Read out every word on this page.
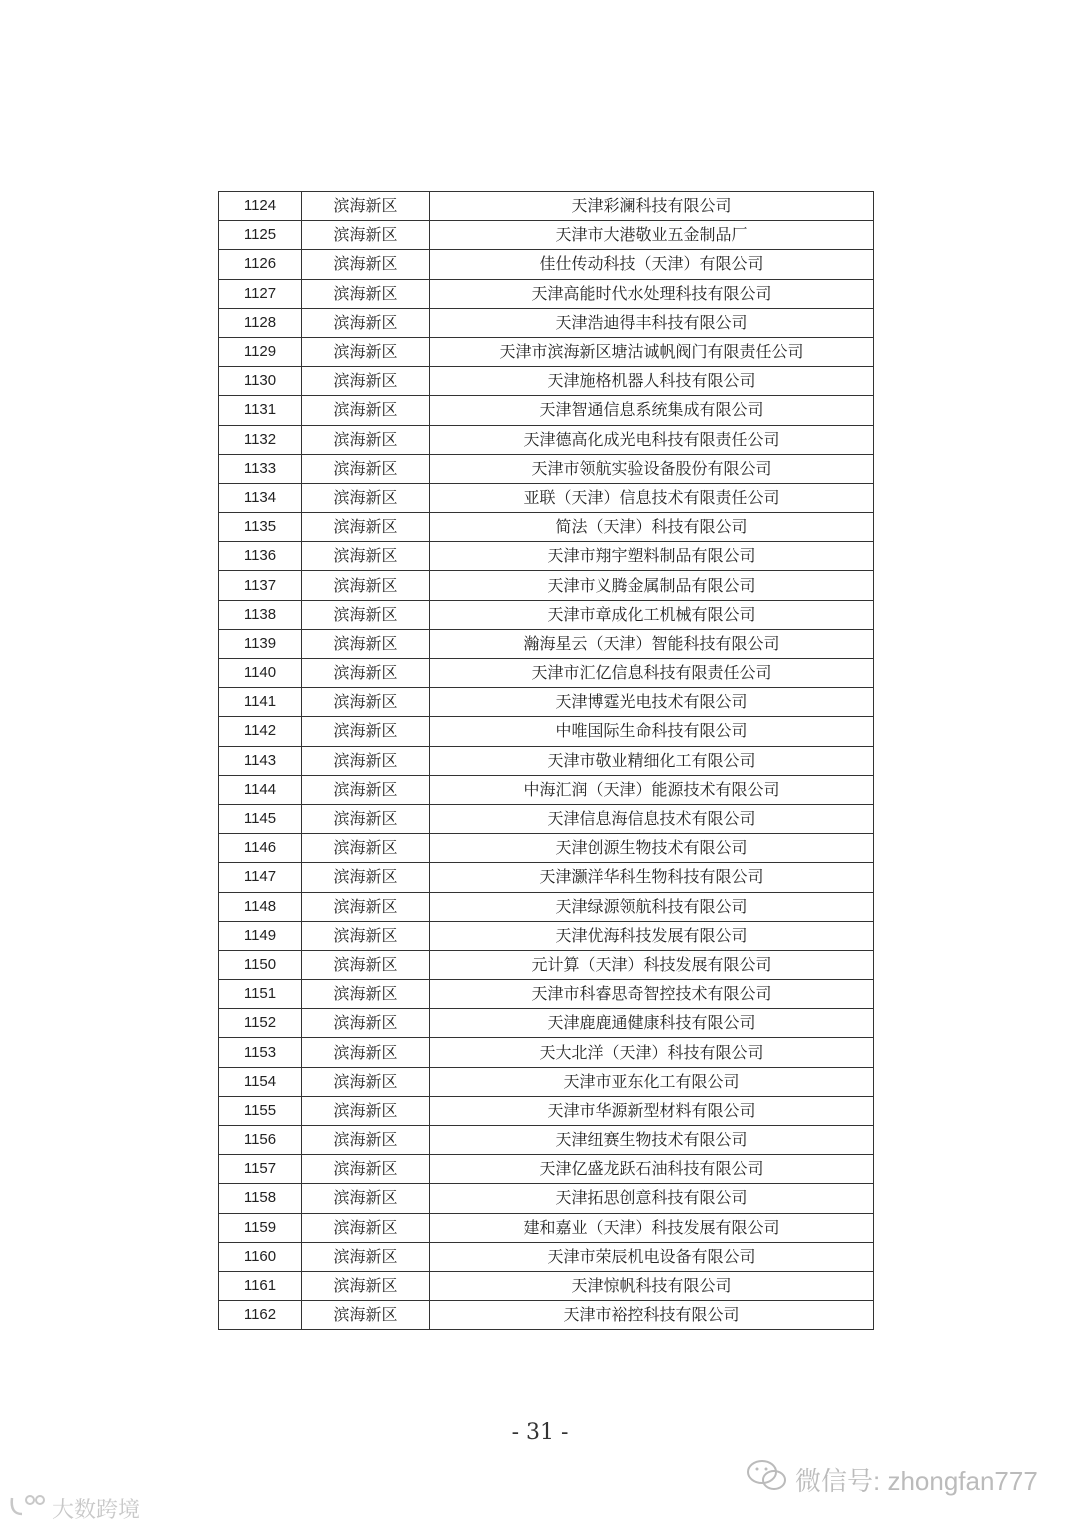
1124	滨海新区	天津彩澜科技有限公司
1125	滨海新区	天津市大港敬业五金制品厂
1126	滨海新区	佳仕传动科技（天津）有限公司
1127	滨海新区	天津高能时代水处理科技有限公司
1128	滨海新区	天津浩迪得丰科技有限公司
1129	滨海新区	天津市滨海新区塘沽诚帆阀门有限责任公司
1130	滨海新区	天津施格机器人科技有限公司
1131	滨海新区	天津智通信息系统集成有限公司
1132	滨海新区	天津德高化成光电科技有限责任公司
1133	滨海新区	天津市领航实验设备股份有限公司
1134	滨海新区	亚联（天津）信息技术有限责任公司
1135	滨海新区	简法（天津）科技有限公司
1136	滨海新区	天津市翔宇塑料制品有限公司
1137	滨海新区	天津市义腾金属制品有限公司
1138	滨海新区	天津市章成化工机械有限公司
1139	滨海新区	瀚海星云（天津）智能科技有限公司
1140	滨海新区	天津市汇亿信息科技有限责任公司
1141	滨海新区	天津博霆光电技术有限公司
1142	滨海新区	中唯国际生命科技有限公司
1143	滨海新区	天津市敬业精细化工有限公司
1144	滨海新区	中海汇润（天津）能源技术有限公司
1145	滨海新区	天津信息海信息技术有限公司
1146	滨海新区	天津创源生物技术有限公司
1147	滨海新区	天津灏洋华科生物科技有限公司
1148	滨海新区	天津绿源领航科技有限公司
1149	滨海新区	天津优海科技发展有限公司
1150	滨海新区	元计算（天津）科技发展有限公司
1151	滨海新区	天津市科睿思奇智控技术有限公司
1152	滨海新区	天津鹿鹿通健康科技有限公司
1153	滨海新区	天大北洋（天津）科技有限公司
1154	滨海新区	天津市亚东化工有限公司
1155	滨海新区	天津市华源新型材料有限公司
1156	滨海新区	天津纽赛生物技术有限公司
1157	滨海新区	天津亿盛龙跃石油科技有限公司
1158	滨海新区	天津拓思创意科技有限公司
1159	滨海新区	建和嘉业（天津）科技发展有限公司
1160	滨海新区	天津市荣辰机电设备有限公司
1161	滨海新区	天津惊帆科技有限公司
1162	滨海新区	天津市裕控科技有限公司
- 31 -
微信号: zhongfan777
大数跨境
